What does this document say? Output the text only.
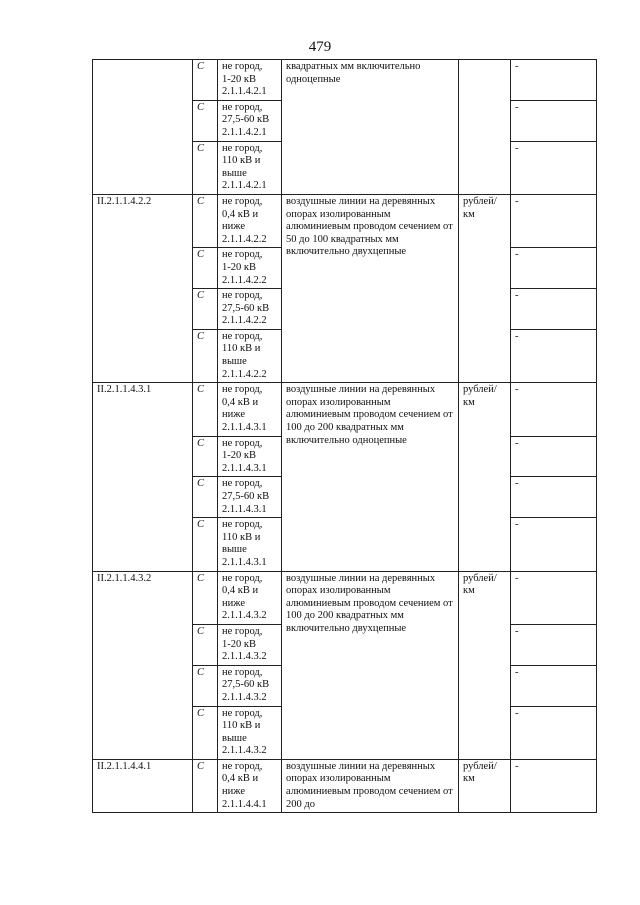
479
	С	не город,
1-20 кВ
2.1.1.4.2.1	квадратных мм включительно одноцепные		-
	С	не город,
27,5-60 кВ
2.1.1.4.2.1			-
	С	не город,
110 кВ и
выше
2.1.1.4.2.1			-
II.2.1.1.4.2.2	С	не город,
0,4 кВ и
ниже
2.1.1.4.2.2	воздушные линии на деревянных опорах изолированным алюминиевым проводом сечением от 50 до 100 квадратных мм включительно двухцепные	рублей/ км	-
	С	не город,
1-20 кВ
2.1.1.4.2.2			-
	С	не город,
27,5-60 кВ
2.1.1.4.2.2			-
	С	не город,
110 кВ и
выше
2.1.1.4.2.2			-
II.2.1.1.4.3.1	С	не город,
0,4 кВ и
ниже
2.1.1.4.3.1	воздушные линии на деревянных опорах изолированным алюминиевым проводом сечением от 100 до 200 квадратных мм включительно одноцепные	рублей/ км	-
	С	не город,
1-20 кВ
2.1.1.4.3.1			-
	С	не город,
27,5-60 кВ
2.1.1.4.3.1			-
	С	не город,
110 кВ и
выше
2.1.1.4.3.1			-
II.2.1.1.4.3.2	С	не город,
0,4 кВ и
ниже
2.1.1.4.3.2	воздушные линии на деревянных опорах изолированным алюминиевым проводом сечением от 100 до 200 квадратных мм включительно двухцепные	рублей/ км	-
	С	не город,
1-20 кВ
2.1.1.4.3.2			-
	С	не город,
27,5-60 кВ
2.1.1.4.3.2			-
	С	не город,
110 кВ и
выше
2.1.1.4.3.2			-
II.2.1.1.4.4.1	С	не город,
0,4 кВ и
ниже
2.1.1.4.4.1	воздушные линии на деревянных опорах изолированным алюминиевым проводом сечением от 200 до	рублей/ км	-
